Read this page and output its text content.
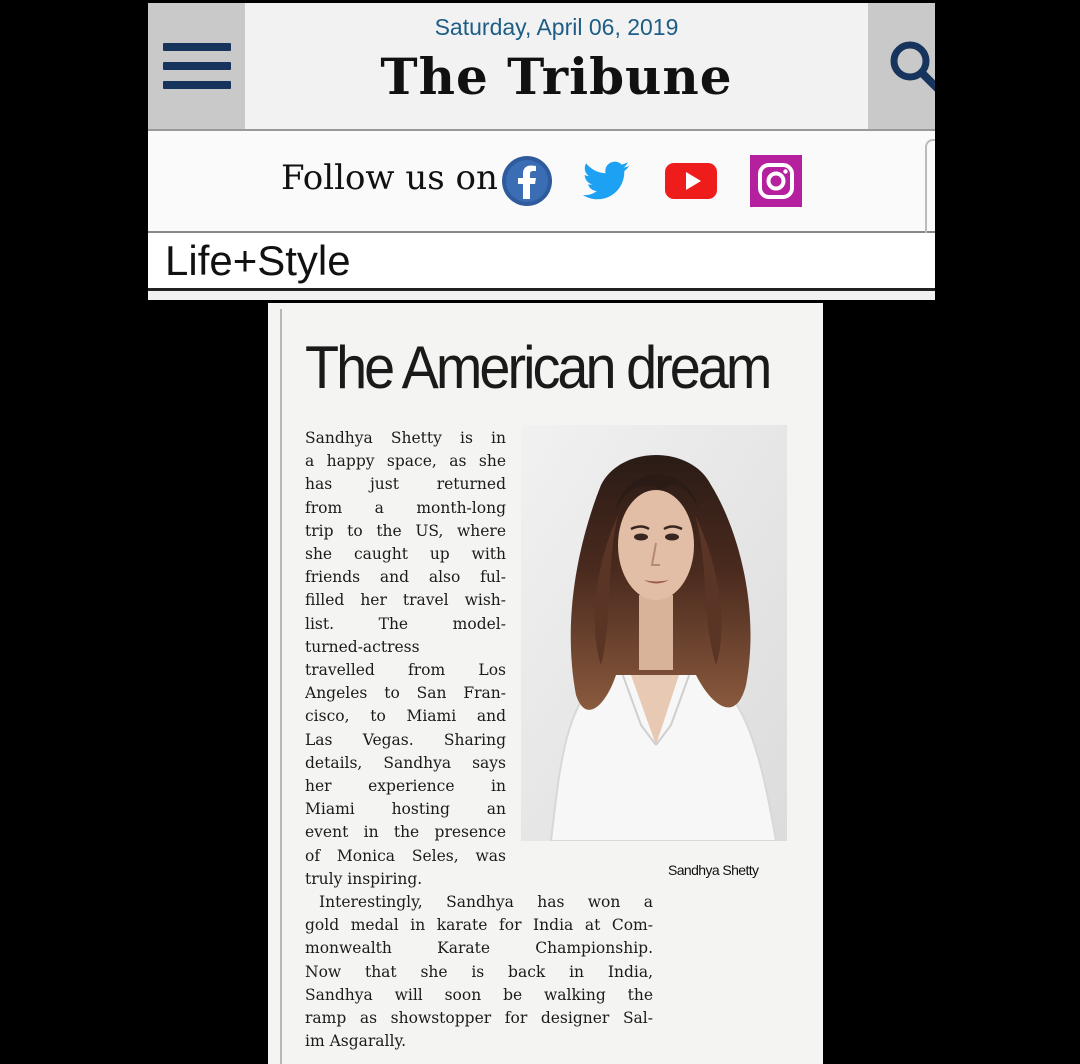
Saturday, April 06, 2019
The Tribune
Follow us on
Life+Style
The American dream
Sandhya Shetty is in
a happy space, as she
has just returned
from a month-long
trip to the US, where
she caught up with
friends and also ful-
filled her travel wish-
list. The model-
turned-actress
travelled from Los
Angeles to San Fran-
cisco, to Miami and
Las Vegas. Sharing
details, Sandhya says
her experience in
Miami hosting an
event in the presence
of Monica Seles, was
truly inspiring.
Interestingly, Sandhya has won a
gold medal in karate for India at Com-
monwealth Karate Championship.
Now that she is back in India,
Sandhya will soon be walking the
ramp as showstopper for designer Sal-
im Asgarally.
Sandhya Shetty
